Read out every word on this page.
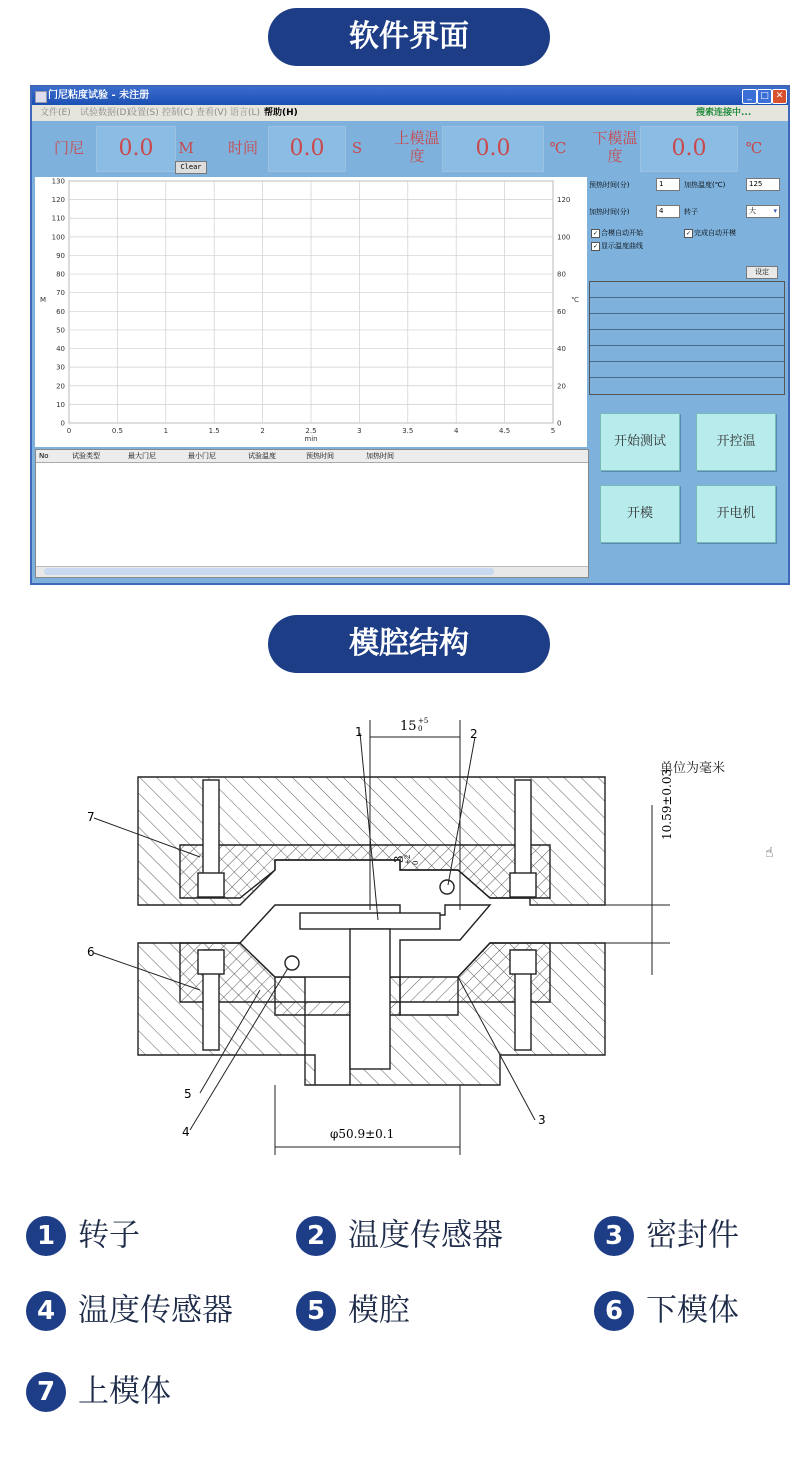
软件界面
门尼粘度试验 - 未注册	_ □ ✕
文件(E) 试验数据(D)
设置(S) 控制(C) 查看(V) 语言(L) 帮助(H)	搜索连接中...
门尼	0.0	M
Clear
时间	0.0	S
上模温度	0.0	℃
下模温度	0.0	℃
0	0.5	1	1.5	2	2.5	3	3.5	4	4.5	5
0
10
20
30
40
50
60
70
80
90
100
110
120
130
0
20
40
60
80
100
120
min
M	℃
No	试验类型	最大门尼	最小门尼	试验温度	预热时间	加热时间
预热时间(分)	1	加热温度(℃)	125
加热时间(分)	4	转子	大 ▾
✓ 合模自动开始	✓ 完成自动开模
✓ 显示温度曲线
设定
开始测试	开控温
开模	开电机
模腔结构
单位为毫米
15 +5 0
10.59±0.03
φ50.9±0.1
3
+2 0
1	2
3
4
5
6
7
☝
1 转子	2 温度传感器	3 密封件
4 温度传感器	5 模腔	6 下模体
7 上模体
